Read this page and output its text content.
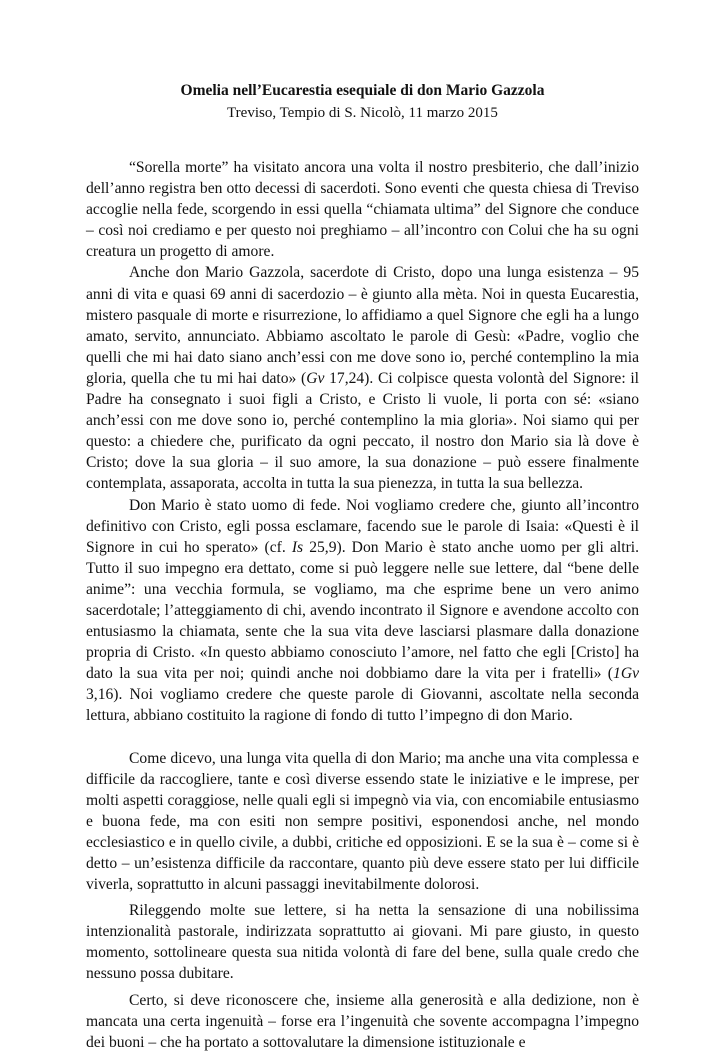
Omelia nell’Eucarestia esequiale di don Mario Gazzola
Treviso, Tempio di S. Nicolò, 11 marzo 2015

“Sorella morte” ha visitato ancora una volta il nostro presbiterio, che dall’inizio dell’anno registra ben otto decessi di sacerdoti. Sono eventi che questa chiesa di Treviso accoglie nella fede, scorgendo in essi quella “chiamata ultima” del Signore che conduce – così noi crediamo e per questo noi preghiamo – all’incontro con Colui che ha su ogni creatura un progetto di amore.

Anche don Mario Gazzola, sacerdote di Cristo, dopo una lunga esistenza – 95 anni di vita e quasi 69 anni di sacerdozio – è giunto alla mèta. Noi in questa Eucarestia, mistero pasquale di morte e risurrezione, lo affidiamo a quel Signore che egli ha a lungo amato, servito, annunciato. Abbiamo ascoltato le parole di Gesù: «Padre, voglio che quelli che mi hai dato siano anch’essi con me dove sono io, perché contemplino la mia gloria, quella che tu mi hai dato» (Gv 17,24). Ci colpisce questa volontà del Signore: il Padre ha consegnato i suoi figli a Cristo, e Cristo li vuole, li porta con sé: «siano anch’essi con me dove sono io, perché contemplino la mia gloria». Noi siamo qui per questo: a chiedere che, purificato da ogni peccato, il nostro don Mario sia là dove è Cristo; dove la sua gloria – il suo amore, la sua donazione – può essere finalmente contemplata, assaporata, accolta in tutta la sua pienezza, in tutta la sua bellezza.

Don Mario è stato uomo di fede. Noi vogliamo credere che, giunto all’incontro definitivo con Cristo, egli possa esclamare, facendo sue le parole di Isaia: «Questi è il Signore in cui ho sperato» (cf. Is 25,9). Don Mario è stato anche uomo per gli altri. Tutto il suo impegno era dettato, come si può leggere nelle sue lettere, dal “bene delle anime”: una vecchia formula, se vogliamo, ma che esprime bene un vero animo sacerdotale; l’atteggiamento di chi, avendo incontrato il Signore e avendone accolto con entusiasmo la chiamata, sente che la sua vita deve lasciarsi plasmare dalla donazione propria di Cristo. «In questo abbiamo conosciuto l’amore, nel fatto che egli [Cristo] ha dato la sua vita per noi; quindi anche noi dobbiamo dare la vita per i fratelli» (1Gv 3,16). Noi vogliamo credere che queste parole di Giovanni, ascoltate nella seconda lettura, abbiano costituito la ragione di fondo di tutto l’impegno di don Mario.

Come dicevo, una lunga vita quella di don Mario; ma anche una vita complessa e difficile da raccogliere, tante e così diverse essendo state le iniziative e le imprese, per molti aspetti coraggiose, nelle quali egli si impegnò via via, con encomiabile entusiasmo e buona fede, ma con esiti non sempre positivi, esponendosi anche, nel mondo ecclesiastico e in quello civile, a dubbi, critiche ed opposizioni. E se la sua è – come si è detto – un’esistenza difficile da raccontare, quanto più deve essere stato per lui difficile viverla, soprattutto in alcuni passaggi inevitabilmente dolorosi.

Rileggendo molte sue lettere, si ha netta la sensazione di una nobilissima intenzionalità pastorale, indirizzata soprattutto ai giovani. Mi pare giusto, in questo momento, sottolineare questa sua nitida volontà di fare del bene, sulla quale credo che nessuno possa dubitare.

Certo, si deve riconoscere che, insieme alla generosità e alla dedizione, non è mancata una certa ingenuità – forse era l’ingenuità che sovente accompagna l’impegno dei buoni – che ha portato a sottovalutare la dimensione istituzionale e
